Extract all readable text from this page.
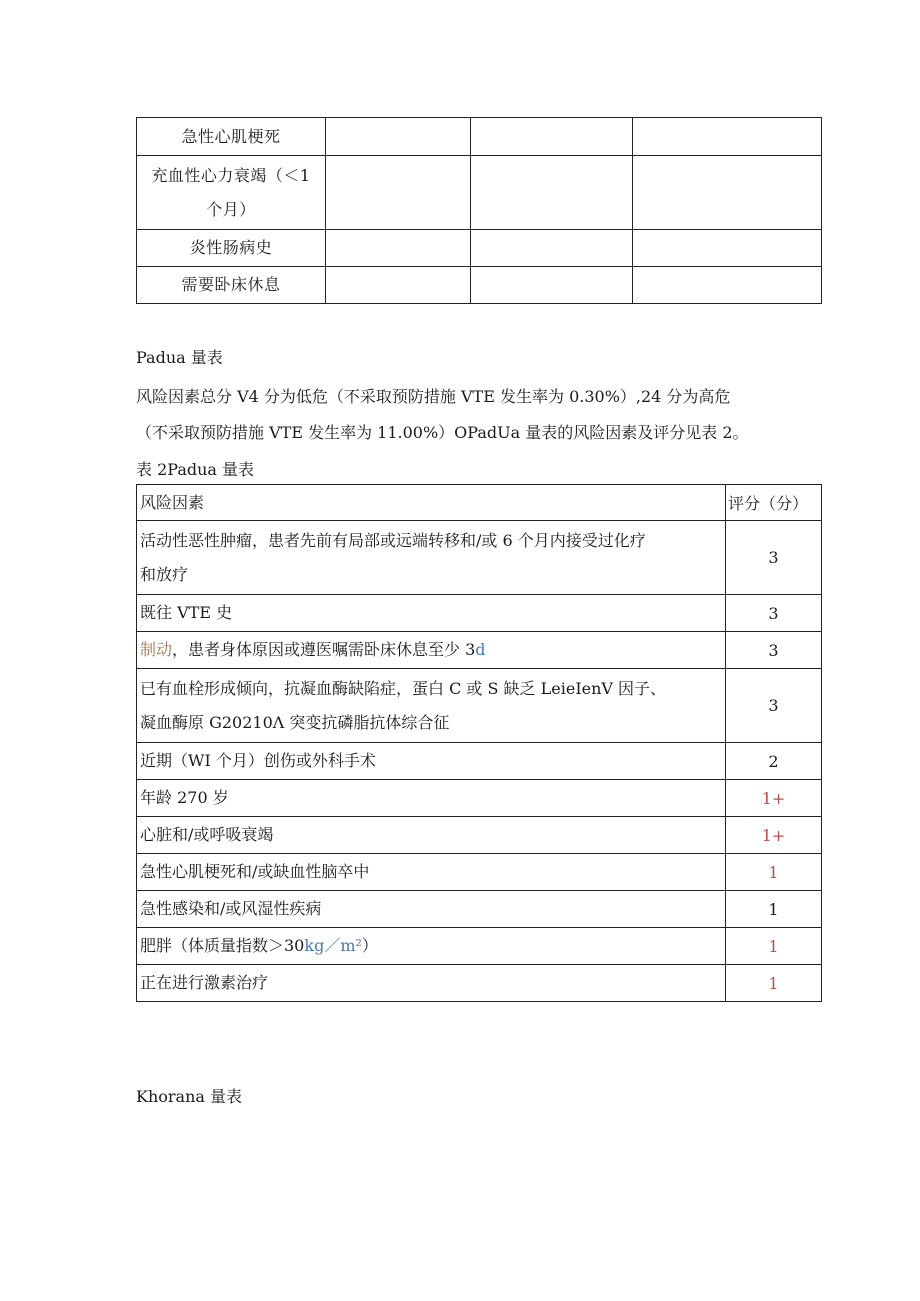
急性心肌梗死			

充血性心力衰竭（＜1
个月）			

炎性肠病史			
需要卧床休息			
Padua 量表
风险因素总分 V4 分为低危（不采取预防措施 VTE 发生率为 0.30%）,24 分为高危
（不采取预防措施 VTE 发生率为 11.00%）OPadUa 量表的风险因素及评分见表 2。
表 2Padua 量表
风险因素	评分（分）

活动性恶性肿瘤，患者先前有局部或远端转移和/或 6 个月内接受过化疗
和放疗	3
既往 VTE 史	3
制动，患者身体原因或遵医嘱需卧床休息至少 3d	3

已有血栓形成倾向，抗凝血酶缺陷症，蛋白 C 或 S 缺乏 LeieIenV 因子、
凝血酶原 G20210Λ 突变抗磷脂抗体综合征	3
近期（WI 个月）创伤或外科手术	2
年龄 270 岁	1+
心脏和/或呼吸衰竭	1+
急性心肌梗死和/或缺血性脑卒中	1
急性感染和/或风湿性疾病	1
肥胖（体质量指数＞30kg／m²）	1
正在进行激素治疗	1
Khorana 量表
